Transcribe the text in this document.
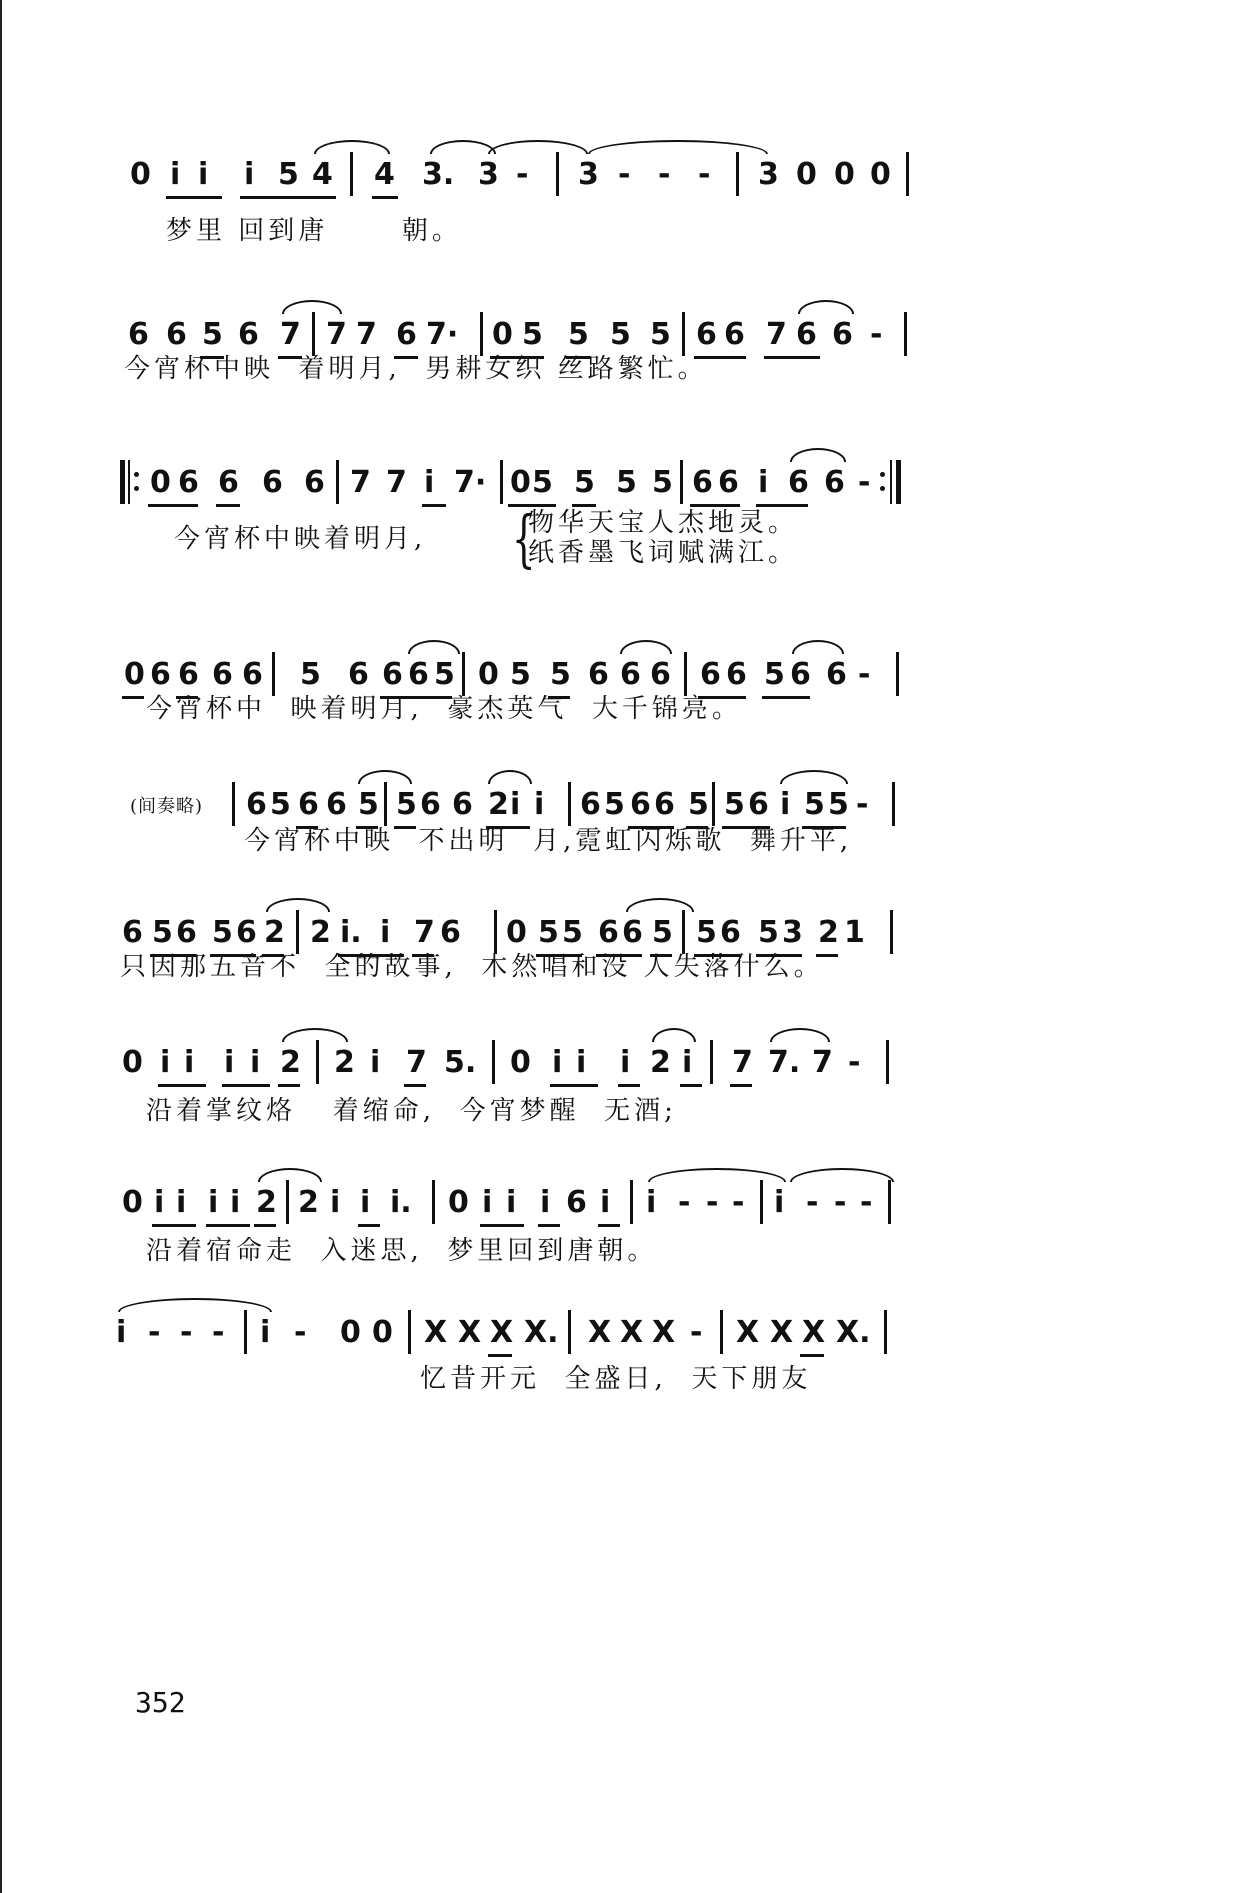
0 i i i 5 4 4 3. 3 - 3 - - - 3 0 0 0
梦里 回到唐      朝。
6 6 5 6 7 7 7 6 7· 0 5 5 5 5 6 6 7 6 6 -
今宵杯中映  着明月,  男耕女织 丝路繁忙。
0 6 6 6 6 7 7 i 7· 0 5 5 5 5 6 6 i 6 6 -
今宵杯中映着明月, {
物华天宝人杰地灵。
纸香墨飞词赋满江。
0 6 6 6 6 5 6 6 6 5 0 5 5 6 6 6 6 6 5 6 6 -
今宵杯中  映着明月,  豪杰英气  大千锦亮。
(间奏略) 6 5 6 6 5 5 6 6 2 i i 6 5 6 6 5 5 6 i 5 5 -
今宵杯中映  不出明  月,霓虹闪烁歌  舞升平,
6 5 6 5 6 2 2 i. i 7 6 0 5 5 6 6 5 5 6 5 3 2 1
只因那五音不  全的故事,  木然唱和没 人失落什么。
0 i i i i 2 2 i 7 5. 0 i i i 2 i 7 7. 7 -
沿着掌纹烙   着缩命,  今宵梦醒  无酒;
0 i i i i 2 2 i i i. 0 i i i 6 i i - - - i - - -
沿着宿命走  入迷思,  梦里回到唐朝。
i - - - i - 0 0 X X X X. X X X - X X X X.
忆昔开元  全盛日,  天下朋友
352
